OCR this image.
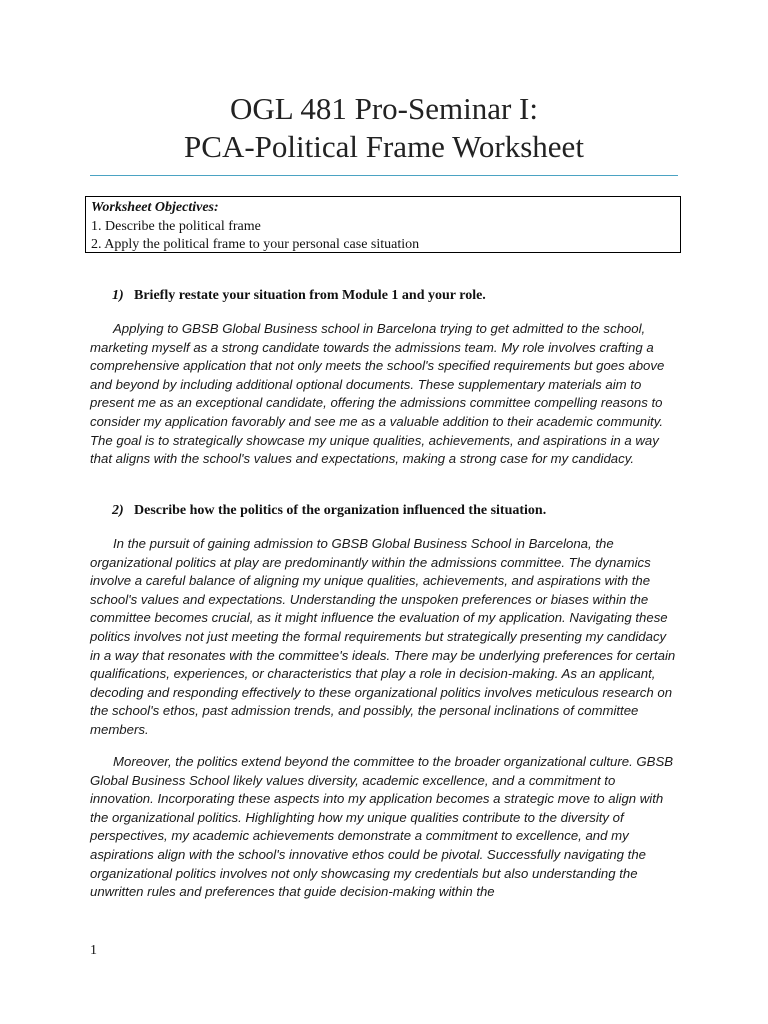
OGL 481 Pro-Seminar I:
PCA-Political Frame Worksheet
Worksheet Objectives:
1. Describe the political frame
2. Apply the political frame to your personal case situation
1) Briefly restate your situation from Module 1 and your role.
Applying to GBSB Global Business school in Barcelona trying to get admitted to the school, marketing myself as a strong candidate towards the admissions team. My role involves crafting a comprehensive application that not only meets the school's specified requirements but goes above and beyond by including additional optional documents. These supplementary materials aim to present me as an exceptional candidate, offering the admissions committee compelling reasons to consider my application favorably and see me as a valuable addition to their academic community. The goal is to strategically showcase my unique qualities, achievements, and aspirations in a way that aligns with the school's values and expectations, making a strong case for my candidacy.
2) Describe how the politics of the organization influenced the situation.
In the pursuit of gaining admission to GBSB Global Business School in Barcelona, the organizational politics at play are predominantly within the admissions committee. The dynamics involve a careful balance of aligning my unique qualities, achievements, and aspirations with the school's values and expectations. Understanding the unspoken preferences or biases within the committee becomes crucial, as it might influence the evaluation of my application. Navigating these politics involves not just meeting the formal requirements but strategically presenting my candidacy in a way that resonates with the committee's ideals. There may be underlying preferences for certain qualifications, experiences, or characteristics that play a role in decision-making. As an applicant, decoding and responding effectively to these organizational politics involves meticulous research on the school's ethos, past admission trends, and possibly, the personal inclinations of committee members.
Moreover, the politics extend beyond the committee to the broader organizational culture. GBSB Global Business School likely values diversity, academic excellence, and a commitment to innovation. Incorporating these aspects into my application becomes a strategic move to align with the organizational politics. Highlighting how my unique qualities contribute to the diversity of perspectives, my academic achievements demonstrate a commitment to excellence, and my aspirations align with the school's innovative ethos could be pivotal. Successfully navigating the organizational politics involves not only showcasing my credentials but also understanding the unwritten rules and preferences that guide decision-making within the
1
